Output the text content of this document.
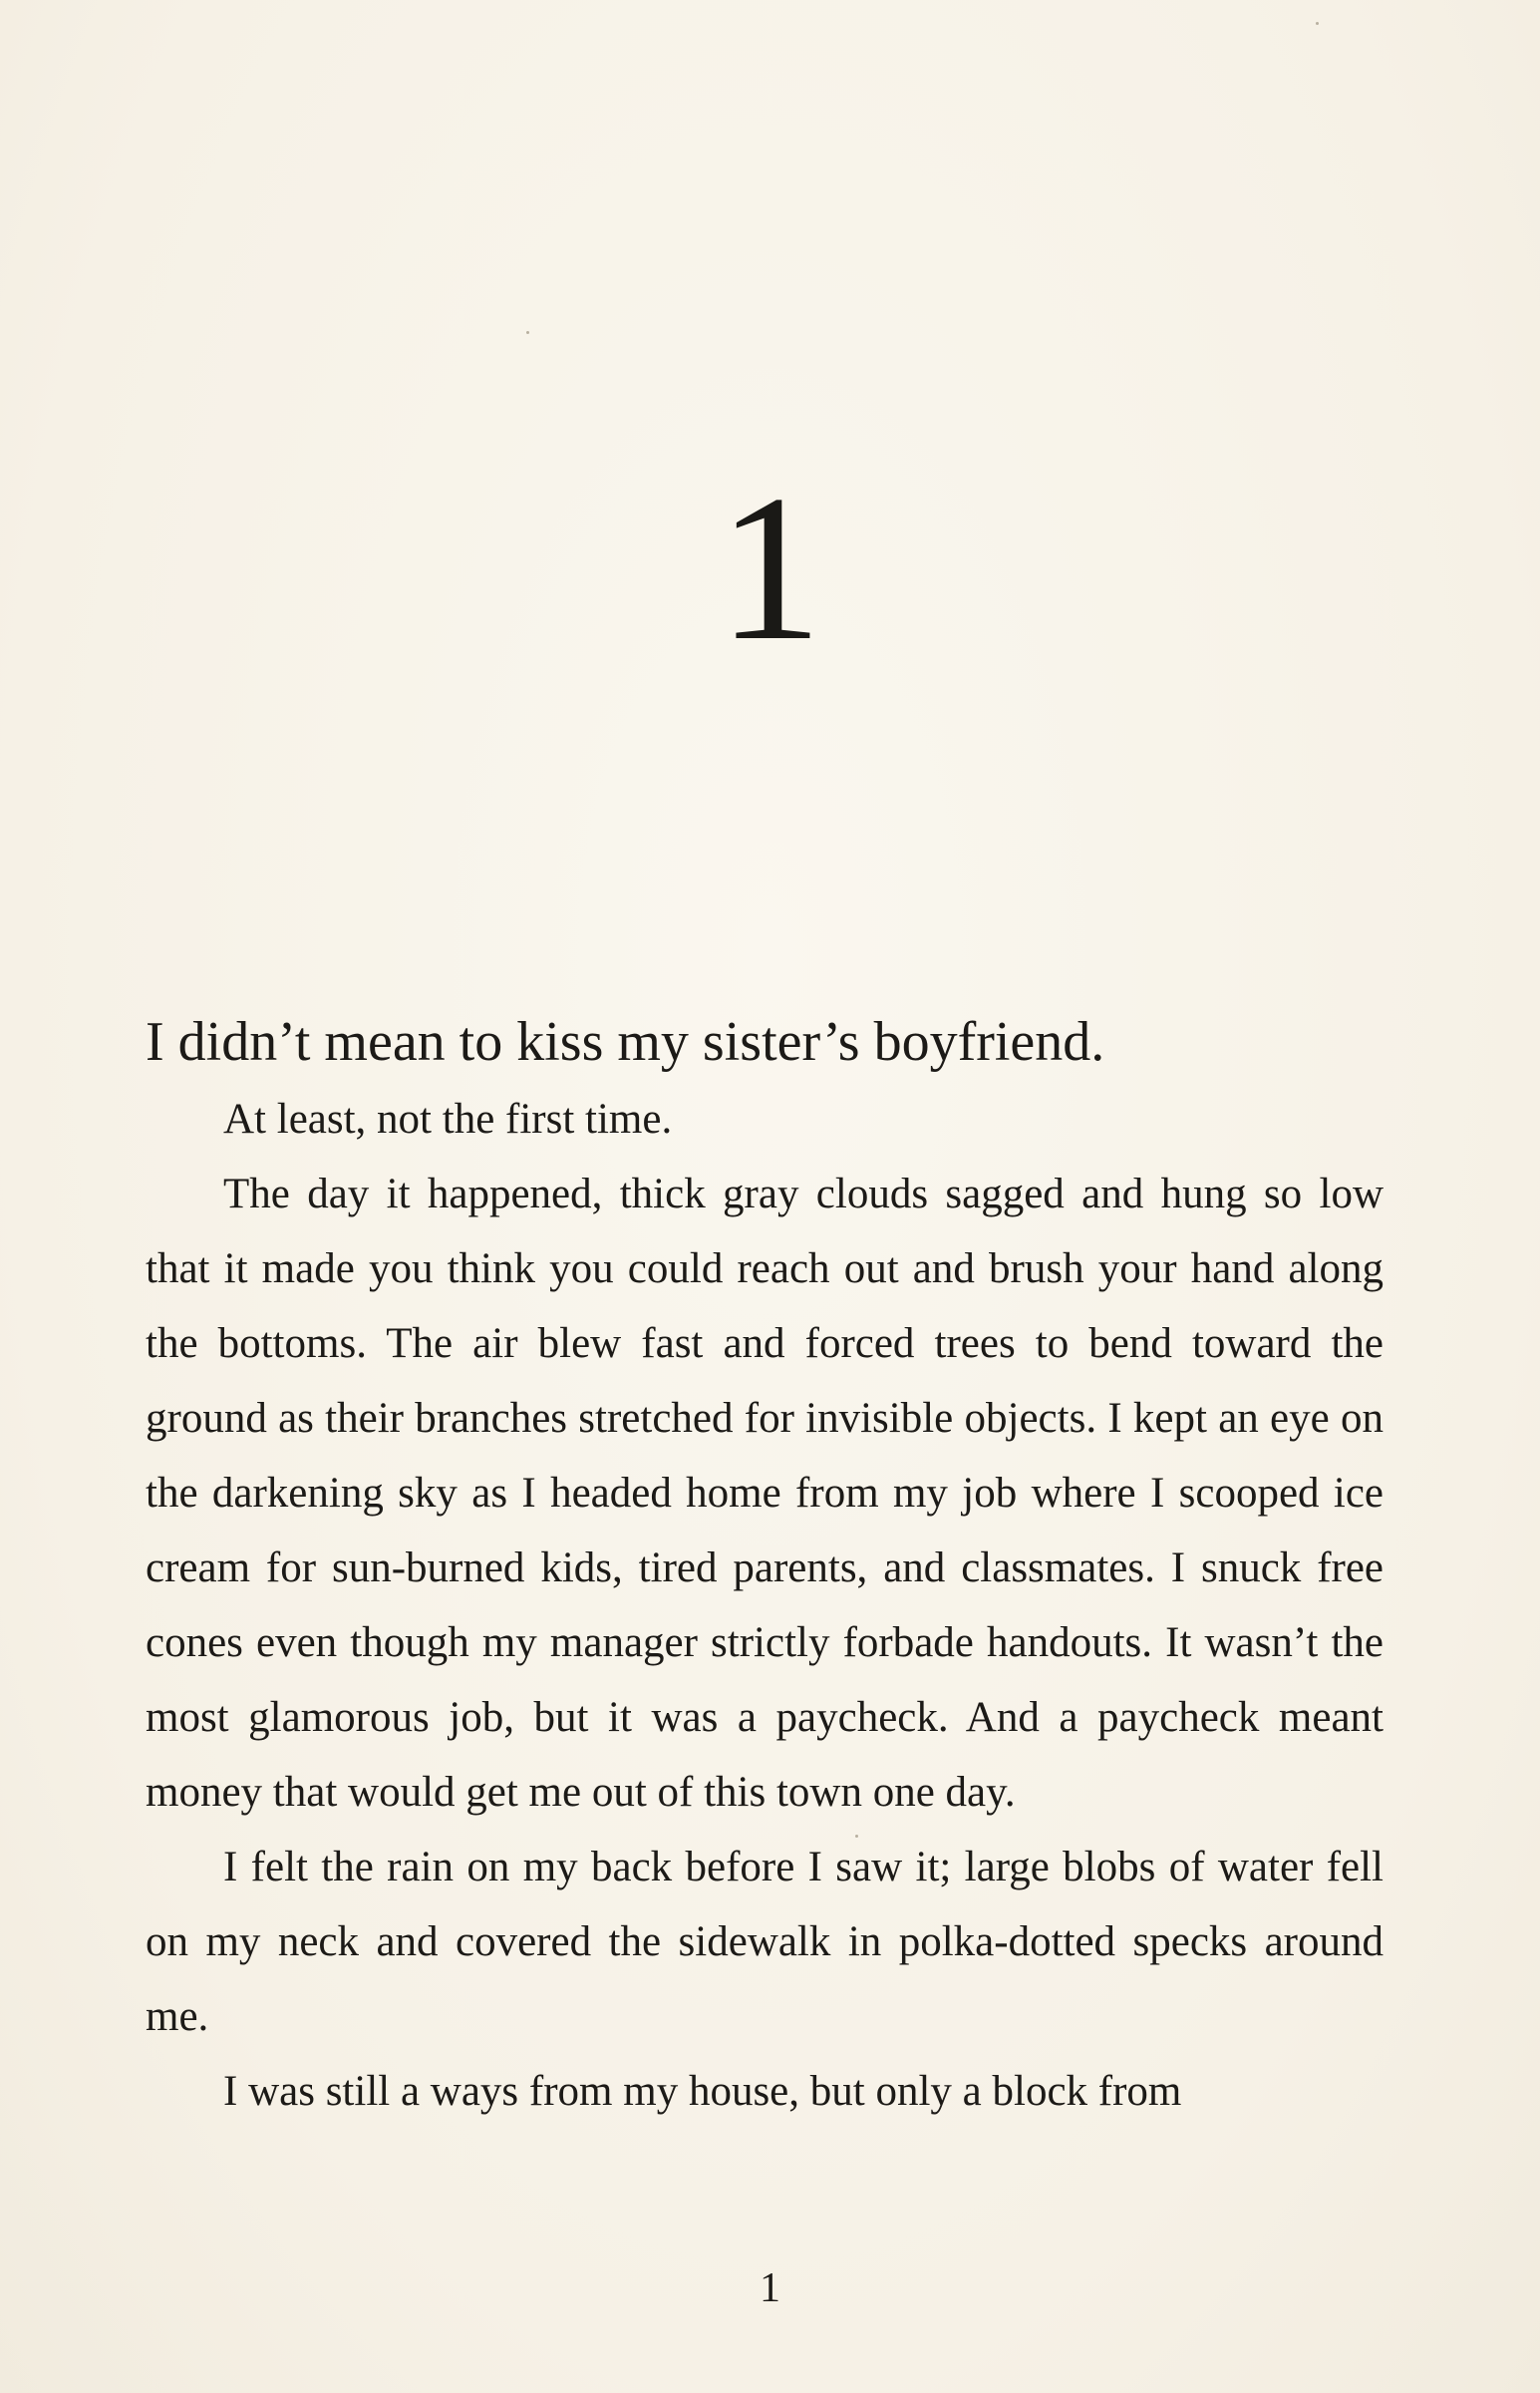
1

I didn’t mean to kiss my sister’s boyfriend.

At least, not the first time.

The day it happened, thick gray clouds sagged and hung so low that it made you think you could reach out and brush your hand along the bottoms. The air blew fast and forced trees to bend toward the ground as their branches stretched for invisible objects. I kept an eye on the darkening sky as I headed home from my job where I scooped ice cream for sun-burned kids, tired parents, and classmates. I snuck free cones even though my manager strictly forbade handouts. It wasn’t the most glamorous job, but it was a paycheck. And a paycheck meant money that would get me out of this town one day.

I felt the rain on my back before I saw it; large blobs of water fell on my neck and covered the sidewalk in polka-dotted specks around me.

I was still a ways from my house, but only a block from

1
